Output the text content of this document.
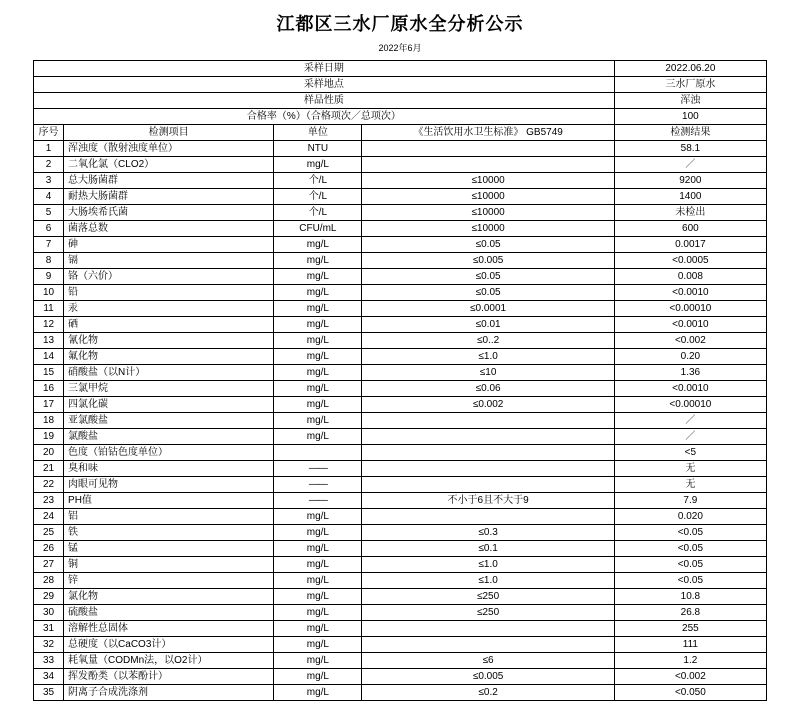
江都区三水厂原水全分析公示
2022年6月
采样日期				2022.06.20
采样地点				三水厂原水
样品性质				浑浊
合格率（%）（合格项次／总项次）				100
序号	检测项目	单位	《生活饮用水卫生标准》 GB5749	检测结果
1	浑浊度（散射浊度单位）	NTU		58.1
2	二氧化氯（CLO2）	mg/L		／
3	总大肠菌群	个/L	≤10000	9200
4	耐热大肠菌群	个/L	≤10000	1400
5	大肠埃希氏菌	个/L	≤10000	未检出
6	菌落总数	CFU/mL	≤10000	600
7	砷	mg/L	≤0.05	0.0017
8	镉	mg/L	≤0.005	<0.0005
9	铬（六价）	mg/L	≤0.05	0.008
10	铅	mg/L	≤0.05	<0.0010
11	汞	mg/L	≤0.0001	<0.00010
12	硒	mg/L	≤0.01	<0.0010
13	氰化物	mg/L	≤0..2	<0.002
14	氟化物	mg/L	≤1.0	0.20
15	硝酸盐（以N计）	mg/L	≤10	1.36
16	三氯甲烷	mg/L	≤0.06	<0.0010
17	四氯化碳	mg/L	≤0.002	<0.00010
18	亚氯酸盐	mg/L		／
19	氯酸盐	mg/L		／
20	色度（铂钴色度单位）			<5
21	臭和味	——		无
22	肉眼可见物	——		无
23	PH值	——	不小于6且不大于9	7.9
24	铝	mg/L		0.020
25	铁	mg/L	≤0.3	<0.05
26	锰	mg/L	≤0.1	<0.05
27	铜	mg/L	≤1.0	<0.05
28	锌	mg/L	≤1.0	<0.05
29	氯化物	mg/L	≤250	10.8
30	硫酸盐	mg/L	≤250	26.8
31	溶解性总固体	mg/L		255
32	总硬度（以CaCO3计）	mg/L		111
33	耗氧量（CODMn法，以O2计）	mg/L	≤6	1.2
34	挥发酚类（以苯酚计）	mg/L	≤0.005	<0.002
35	阴离子合成洗涤剂	mg/L	≤0.2	<0.050
